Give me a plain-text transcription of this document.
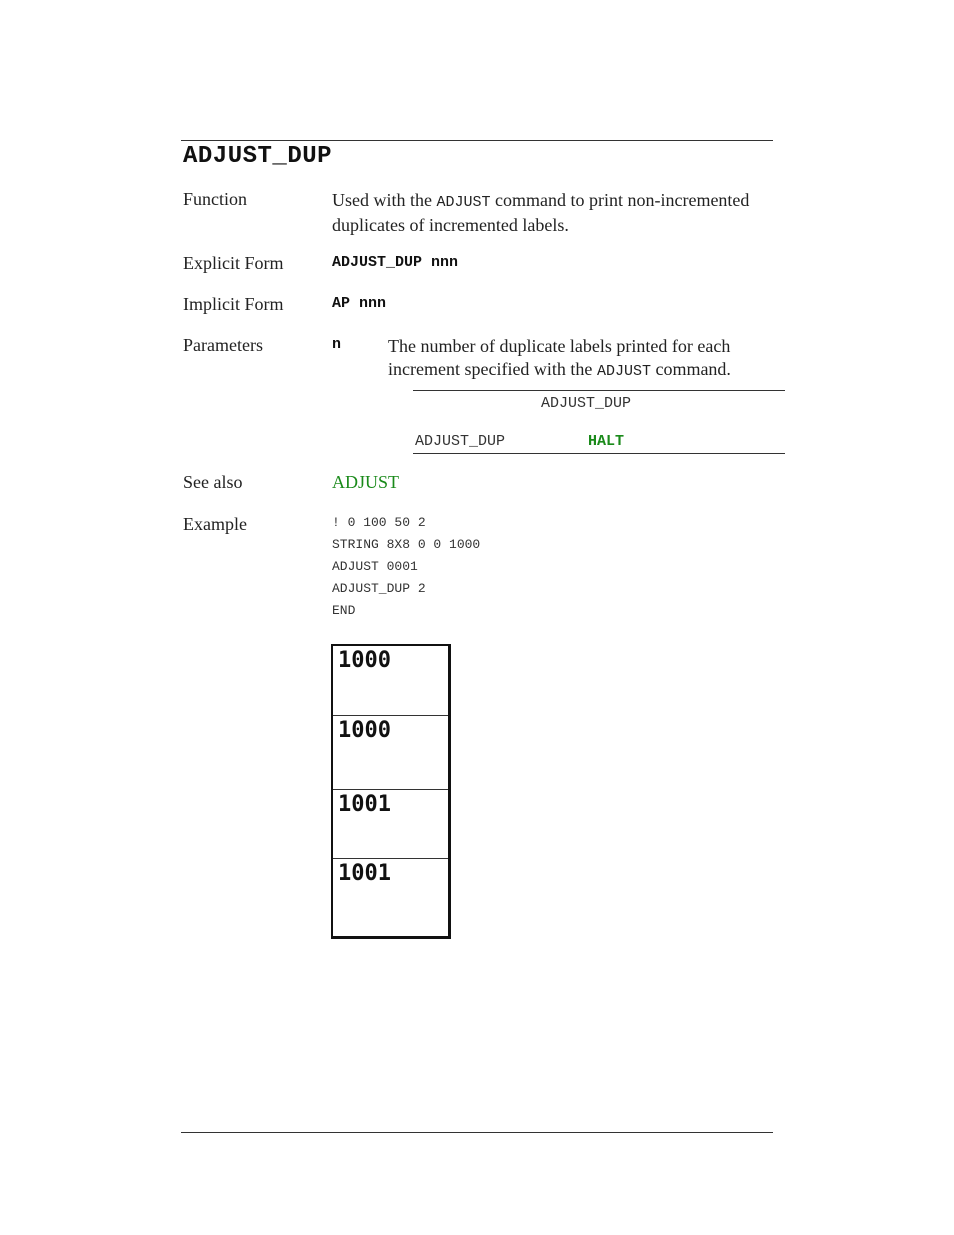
ADJUST_DUP
Function	Used with the ADJUST command to print non-incremented duplicates of incremented labels.
Explicit Form	ADJUST_DUP nnn
Implicit Form	AP nnn
Parameters	n	The number of duplicate labels printed for each increment specified with the ADJUST command.
ADJUST_DUP
ADJUST_DUP	HALT
See also	ADJUST
Example	! 0 100 50 2
STRING 8X8 0 0 1000
ADJUST 0001
ADJUST_DUP 2
END
1000
1000
1001
1001
